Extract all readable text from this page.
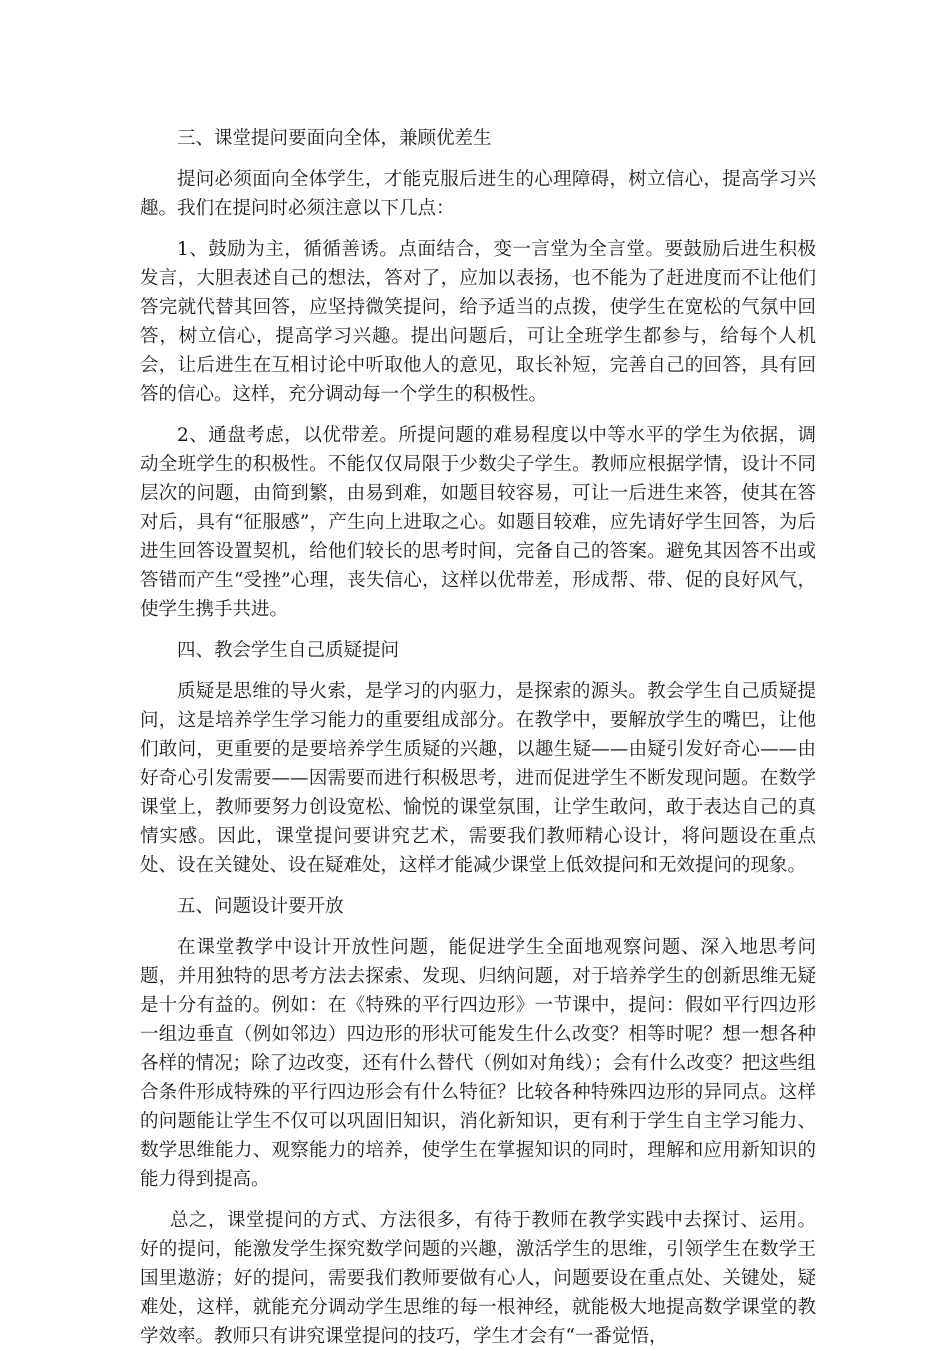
三、课堂提问要面向全体，兼顾优差生

提问必须面向全体学生，才能克服后进生的心理障碍，树立信心，提高学习兴趣。我们在提问时必须注意以下几点：

1、鼓励为主，循循善诱。点面结合，变一言堂为全言堂。要鼓励后进生积极发言，大胆表述自己的想法，答对了，应加以表扬，也不能为了赶进度而不让他们答完就代替其回答，应坚持微笑提问，给予适当的点拨，使学生在宽松的气氛中回答，树立信心，提高学习兴趣。提出问题后，可让全班学生都参与，给每个人机会，让后进生在互相讨论中听取他人的意见，取长补短，完善自己的回答，具有回答的信心。这样，充分调动每一个学生的积极性。

2、通盘考虑，以优带差。所提问题的难易程度以中等水平的学生为依据，调动全班学生的积极性。不能仅仅局限于少数尖子学生。教师应根据学情，设计不同层次的问题，由简到繁，由易到难，如题目较容易，可让一后进生来答，使其在答对后，具有“征服感”，产生向上进取之心。如题目较难，应先请好学生回答，为后进生回答设置契机，给他们较长的思考时间，完备自己的答案。避免其因答不出或答错而产生“受挫”心理，丧失信心，这样以优带差，形成帮、带、促的良好风气，使学生携手共进。

四、教会学生自己质疑提问

质疑是思维的导火索，是学习的内驱力，是探索的源头。教会学生自己质疑提问，这是培养学生学习能力的重要组成部分。在教学中，要解放学生的嘴巴，让他们敢问，更重要的是要培养学生质疑的兴趣，以趣生疑——由疑引发好奇心——由好奇心引发需要——因需要而进行积极思考，进而促进学生不断发现问题。在数学课堂上，教师要努力创设宽松、愉悦的课堂氛围，让学生敢问，敢于表达自己的真情实感。因此，课堂提问要讲究艺术，需要我们教师精心设计，将问题设在重点处、设在关键处、设在疑难处，这样才能减少课堂上低效提问和无效提问的现象。

五、问题设计要开放

在课堂教学中设计开放性问题，能促进学生全面地观察问题、深入地思考问题，并用独特的思考方法去探索、发现、归纳问题，对于培养学生的创新思维无疑是十分有益的。例如：在《特殊的平行四边形》一节课中，提问：假如平行四边形一组边垂直（例如邻边）四边形的形状可能发生什么改变？相等时呢？想一想各种各样的情况；除了边改变，还有什么替代（例如对角线）；会有什么改变？把这些组合条件形成特殊的平行四边形会有什么特征？比较各种特殊四边形的异同点。这样的问题能让学生不仅可以巩固旧知识，消化新知识，更有利于学生自主学习能力、数学思维能力、观察能力的培养，使学生在掌握知识的同时，理解和应用新知识的能力得到提高。

总之，课堂提问的方式、方法很多，有待于教师在教学实践中去探讨、运用。好的提问，能激发学生探究数学问题的兴趣，激活学生的思维，引领学生在数学王国里遨游；好的提问，需要我们教师要做有心人，问题要设在重点处、关键处，疑难处，这样，就能充分调动学生思维的每一根神经，就能极大地提高数学课堂的教学效率。教师只有讲究课堂提问的技巧，学生才会有“一番觉悟，
